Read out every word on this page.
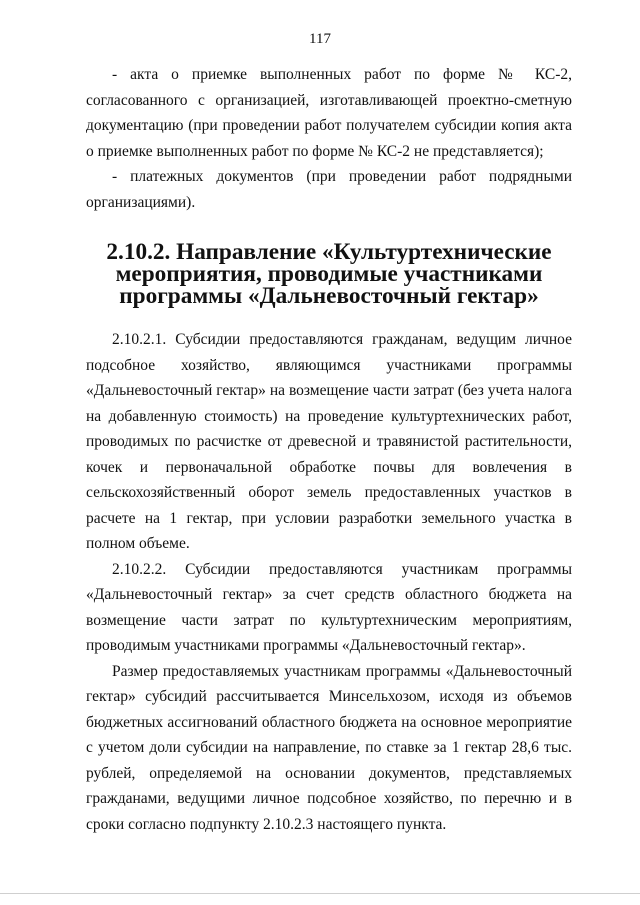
117

- акта о приемке выполненных работ по форме № КС-2, согласованного с организацией, изготавливающей проектно-сметную документацию (при проведении работ получателем субсидии копия акта о приемке выполненных работ по форме № КС-2 не представляется);

- платежных документов (при проведении работ подрядными организациями).

2.10.2. Направление «Культуртехнические мероприятия, проводимые участниками программы «Дальневосточный гектар»

2.10.2.1. Субсидии предоставляются гражданам, ведущим личное подсобное хозяйство, являющимся участниками программы «Дальневосточный гектар» на возмещение части затрат (без учета налога на добавленную стоимость) на проведение культуртехнических работ, проводимых по расчистке от древесной и травянистой растительности, кочек и первоначальной обработке почвы для вовлечения в сельскохозяйственный оборот земель предоставленных участков в расчете на 1 гектар, при условии разработки земельного участка в полном объеме.

2.10.2.2. Субсидии предоставляются участникам программы «Дальневосточный гектар» за счет средств областного бюджета на возмещение части затрат по культуртехническим мероприятиям, проводимым участниками программы «Дальневосточный гектар».

Размер предоставляемых участникам программы «Дальневосточный гектар» субсидий рассчитывается Минсельхозом, исходя из объемов бюджетных ассигнований областного бюджета на основное мероприятие с учетом доли субсидии на направление, по ставке за 1 гектар 28,6 тыс. рублей, определяемой на основании документов, представляемых гражданами, ведущими личное подсобное хозяйство, по перечню и в сроки согласно подпункту 2.10.2.3 настоящего пункта.
